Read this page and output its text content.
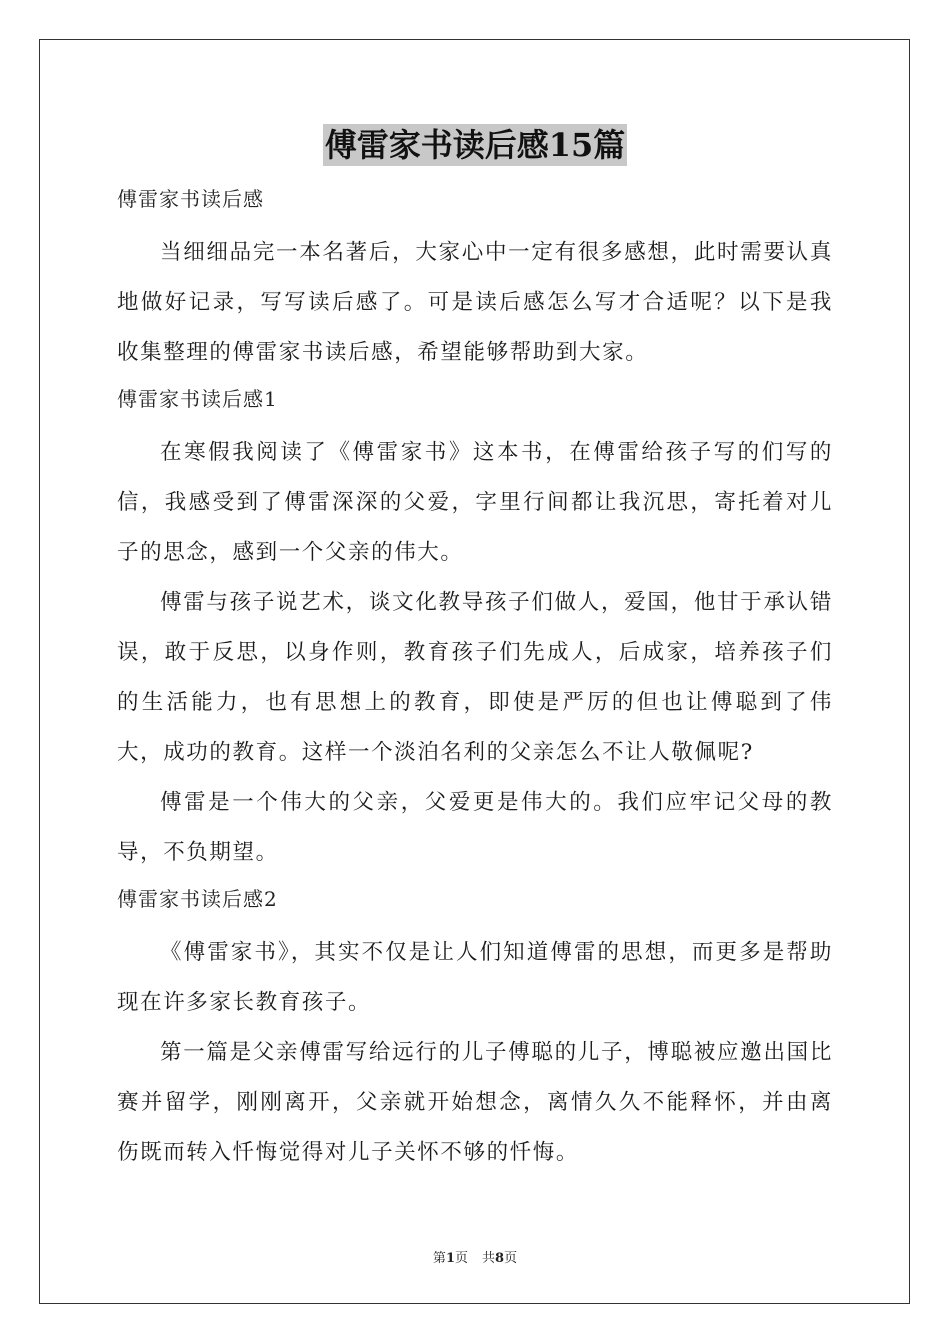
傅雷家书读后感15篇
傅雷家书读后感

当细细品完一本名著后，大家心中一定有很多感想，此时需要认真地做好记录，写写读后感了。可是读后感怎么写才合适呢？以下是我收集整理的傅雷家书读后感，希望能够帮助到大家。

傅雷家书读后感1

在寒假我阅读了《傅雷家书》这本书，在傅雷给孩子写的们写的信，我感受到了傅雷深深的父爱，字里行间都让我沉思，寄托着对儿子的思念，感到一个父亲的伟大。

傅雷与孩子说艺术，谈文化教导孩子们做人，爱国，他甘于承认错误，敢于反思，以身作则，教育孩子们先成人，后成家，培养孩子们的生活能力，也有思想上的教育，即使是严厉的但也让傅聪到了伟大，成功的教育。这样一个淡泊名利的父亲怎么不让人敬佩呢?

傅雷是一个伟大的父亲，父爱更是伟大的。我们应牢记父母的教导，不负期望。

傅雷家书读后感2

《傅雷家书》，其实不仅是让人们知道傅雷的思想，而更多是帮助现在许多家长教育孩子。

第一篇是父亲傅雷写给远行的儿子傅聪的儿子，博聪被应邀出国比赛并留学，刚刚离开，父亲就开始想念，离情久久不能释怀，并由离伤既而转入忏悔觉得对儿子关怀不够的忏悔。

第1页 共8页
